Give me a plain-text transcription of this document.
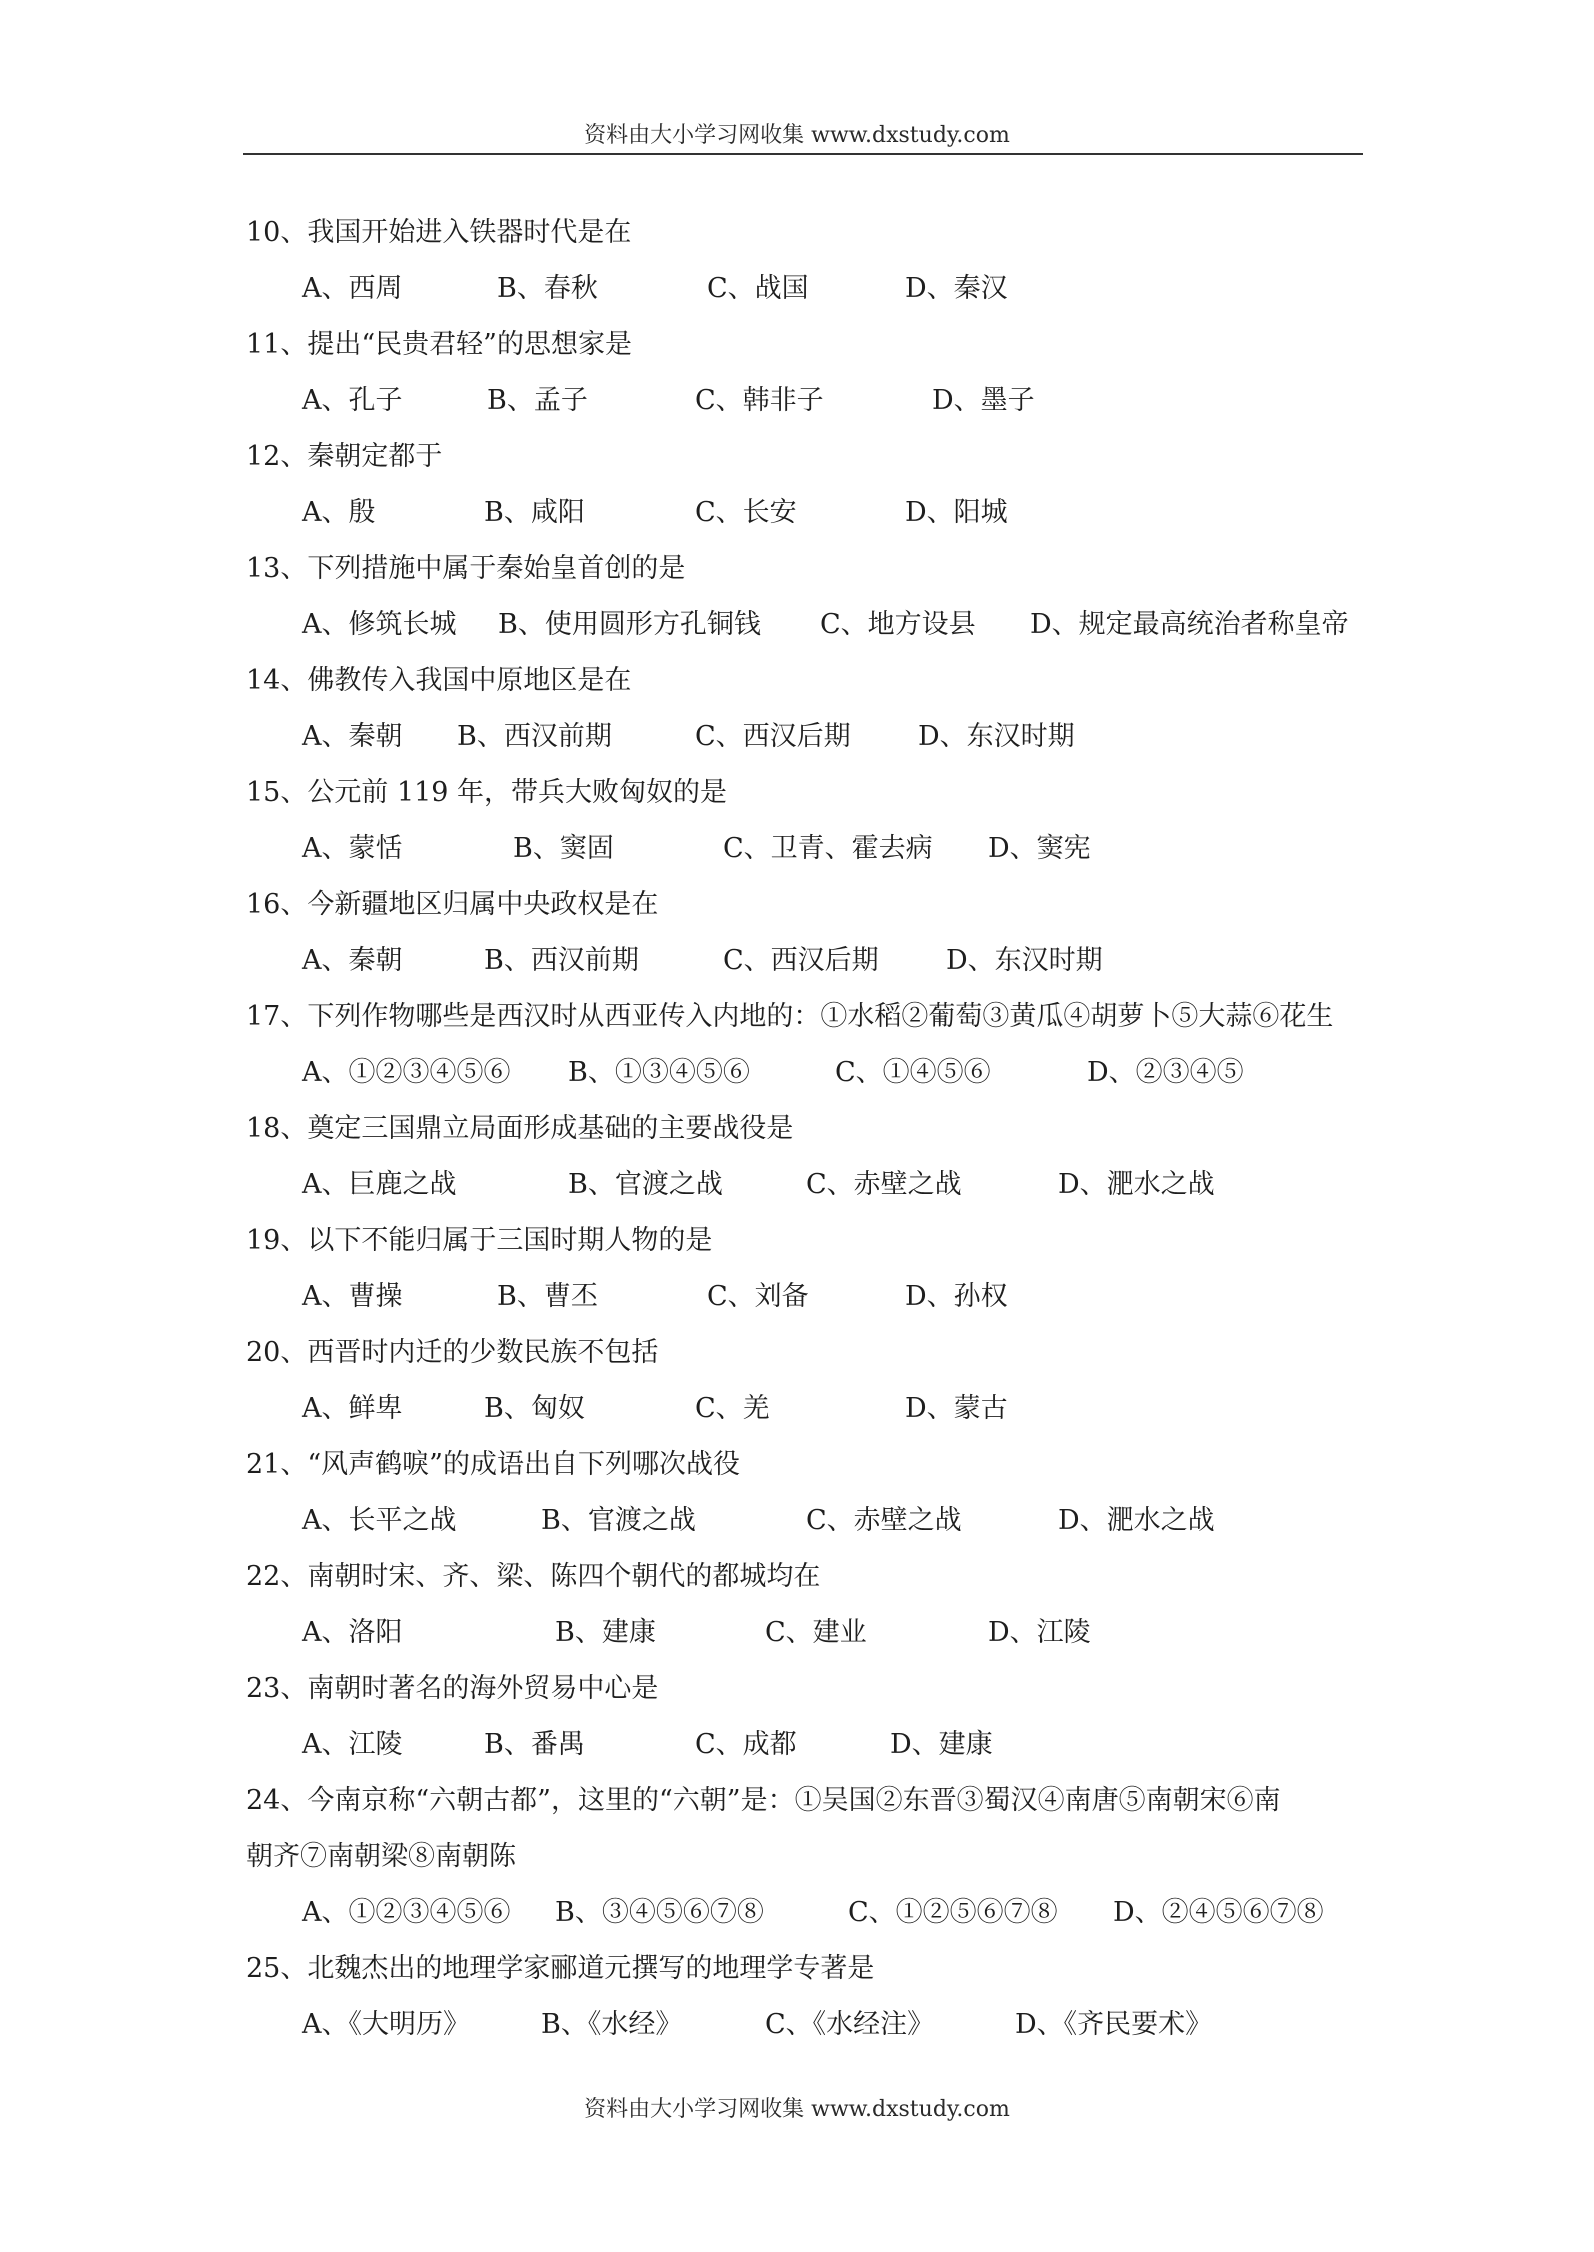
资料由大小学习网收集 www.dxstudy.com
10、我国开始进入铁器时代是在
A、西周	B、春秋	C、战国	D、秦汉
11、提出“民贵君轻”的思想家是
A、孔子	B、孟子	C、韩非子	D、墨子
12、秦朝定都于
A、殷	B、咸阳	C、长安	D、阳城
13、下列措施中属于秦始皇首创的是
A、修筑长城 B、使用圆形方孔铜钱 C、地方设县 D、规定最高统治者称皇帝
14、佛教传入我国中原地区是在
A、秦朝 B、西汉前期	C、西汉后期 D、东汉时期
15、公元前 119 年，带兵大败匈奴的是
A、蒙恬	B、窦固	C、卫青、霍去病 D、窦宪
16、今新疆地区归属中央政权是在
A、秦朝	B、西汉前期	C、西汉后期 D、东汉时期
17、下列作物哪些是西汉时从西亚传入内地的：①水稻②葡萄③黄瓜④胡萝卜⑤大蒜⑥花生
A、①②③④⑤⑥ B、①③④⑤⑥	C、①④⑤⑥	D、②③④⑤
18、奠定三国鼎立局面形成基础的主要战役是
A、巨鹿之战	B、官渡之战	C、赤壁之战	D、淝水之战
19、以下不能归属于三国时期人物的是
A、曹操	B、曹丕	C、刘备	D、孙权
20、西晋时内迁的少数民族不包括
A、鲜卑	B、匈奴	C、羌	D、蒙古
21、“风声鹤唳”的成语出自下列哪次战役
A、长平之战	B、官渡之战	C、赤壁之战	D、淝水之战
22、南朝时宋、齐、梁、陈四个朝代的都城均在
A、洛阳	B、建康	C、建业	D、江陵
23、南朝时著名的海外贸易中心是
A、江陵	B、番禺	C、成都	D、建康
24、今南京称“六朝古都”，这里的“六朝”是：①吴国②东晋③蜀汉④南唐⑤南朝宋⑥南
朝齐⑦南朝梁⑧南朝陈
A、①②③④⑤⑥ B、③④⑤⑥⑦⑧	C、①②⑤⑥⑦⑧ D、②④⑤⑥⑦⑧
25、北魏杰出的地理学家郦道元撰写的地理学专著是
A、《大明历》	B、《水经》	C、《水经注》	D、《齐民要术》
资料由大小学习网收集 www.dxstudy.com
